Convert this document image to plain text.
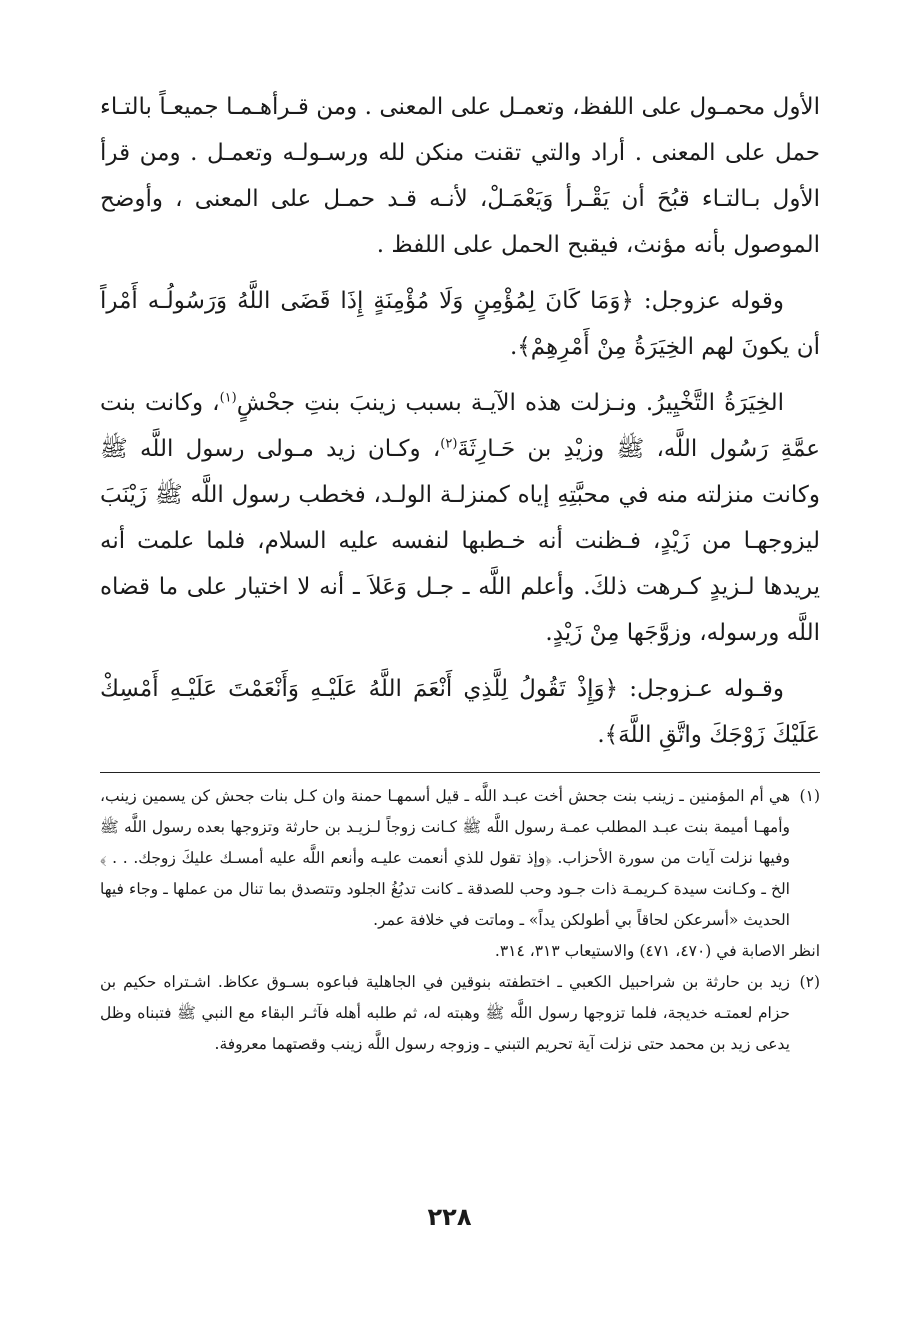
الأول محمـول على اللفظ، وتعمـل على المعنى . ومن قـرأهـمـا جميعـاً بالتـاء حمل على المعنى . أراد والتي تقنت منكن لله ورسـولـه وتعمـل . ومن قرأ الأول بـالتـاء قبُحَ أن يَقْـرأ وَيَعْمَـلْ، لأنـه قـد حمـل على المعنى ، وأوضح الموصول بأنه مؤنث، فيقبح الحمل على اللفظ .

وقوله عزوجل: ﴿وَمَا كَانَ لِمُؤْمِنٍ وَلَا مُؤْمِنَةٍ إِذَا قَضَى اللَّهُ وَرَسُولُـه أَمْراً أن يكونَ لهم الخِيَرَةُ مِنْ أَمْرِهِمْ﴾.

الخِيَرَةُ التَّخْيِيرُ. ونـزلت هذه الآيـة بسبب زينبَ بنتِ جحْشٍ$^{(١)}$، وكانت بنت عمَّةِ رَسُول اللَّه، ﷺ وزيْدِ بن حَـارِثَةَ$^{(٢)}$، وكـان زيد مـولى رسول اللَّه ﷺ وكانت منزلته منه في محبَّتِهِ إياه كمنزلـة الولـد، فخطب رسول اللَّه ﷺ زَيْنَبَ ليزوجهـا من زَيْدٍ، فـظنت أنه خـطبها لنفسه عليه السلام، فلما علمت أنه يريدها لـزيدٍ كـرهت ذلكَ. وأعلم اللَّه ـ جـل وَعَلاَ ـ أنه لا اختيار على ما قضاه اللَّه ورسوله، وزوَّجَها مِنْ زَيْدٍ.

وقـوله عـزوجل: ﴿وَإِذْ تَقُولُ لِلَّذِي أَنْعَمَ اللَّهُ عَلَيْـهِ وَأَنْعَمْتَ عَلَيْـهِ أَمْسِكْ عَلَيْكَ زَوْجَكَ واتَّقِ اللَّهَ﴾.

(١)
هي أم المؤمنين ـ زينب بنت جحش أخت عبـد اللَّه ـ قيل أسمهـا حمنة وان كـل بنات جحش كن يسمين زينب، وأمهـا أميمة بنت عبـد المطلب عمـة رسول اللَّه ﷺ كـانت زوجاً لـزيـد بن حارثة وتزوجها بعده رسول اللَّه ﷺ وفيها نزلت آيات من سورة الأحزاب. ﴿وإذ تقول للذي أنعمت عليـه وأنعم اللَّه عليه أمسـك عليكَ زوجك. . . ﴾ الخ ـ وكـانت سيدة كـريمـة ذات جـود وحب للصدقة ـ كانت تدبُغُ الجلود وتتصدق بما تنال من عملها ـ وجاء فيها الحديث «أسرعكن لحاقاً بي أطولكن يداً» ـ وماتت في خلافة عمر.

انظر الاصابة في (٤٧٠، ٤٧١) والاستيعاب ٣١٣، ٣١٤.

(٢)
زيد بن حارثة بن شراحبيل الكعبي ـ اختطفته بنوقين في الجاهلية فباعوه بسـوق عكاظ. اشـتراه حكيم بن حزام لعمتـه خديجة، فلما تزوجها رسول اللَّه ﷺ وهبته له، ثم طلبه أهله فآثـر البقاء مع النبي ﷺ فتبناه وظل يدعى زيد بن محمد حتى نزلت آية تحريم التبني ـ وزوجه رسول اللَّه زينب وقصتهما معروفة.

٢٢٨
